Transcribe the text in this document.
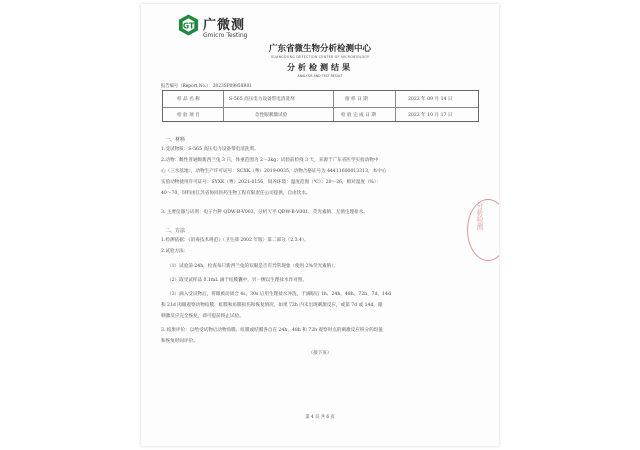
GT 广微测
Gmicro Testing
广东省微生物分析检测中心
GUANGDONG DETECTION CENTER OF MICROBIOLOGY
分析检测结果
ANALYSIS AND TEST RESULT
报告编号（Report No.）：2023SP09858R01
样 品 名 称	S-565 高压电力设备带电清洗剂	接 样 日 期	2023 年 09 月 14 日
检 验 项 目	急性眼刺激试验	检 验 完 成 日 期	2023 年 10 月 17 日
一、材料
1.受试物质：S-565 高压电力设备带电清洗剂。
2.动物：雌性普通级新西兰兔 3 只，体重范围为 2～3kg；试验前检疫 3 天，来源于广东省医学实验动物中
心（三水基地），动物生产许可证号：SCXK（粤）2019-0035，动物合格证号为 44411600013313，本中心
实验动物使用许可证号：SYXK（粤）2021-0156，饲养环境：温度范围（℃）：20～26，相对湿度（%）：
40～70，饲料由江苏省协同医药生物工程有限责任公司提供，自由饮水。
3. 主要仪器与试剂：电子台秤 QDW-B-V003、分析天平 QDW-B-V001、荧光素钠、无菌生理盐水。
二、方法
1.检测依据：《消毒技术规范》（卫生部 2002 年版）第二部分（2.3.4）。
2.试验方法：
（1）试验前 24h，检查每只新西兰兔的双眼是否有异常现象（使用 2%荧光素钠）。
（2）取受试样品 0.1mL 滴于结膜囊中，另一侧以生理盐水作对照。
（3）滴入受试物后，将眼被动闭合 4s，30s 后用生理盐水冲洗，于滴眼后 1h、24h、48h、72h、7d、14d
和 21d 肉眼观察动物结膜、虹膜和角膜损伤和恢复情况，如果 72h 内未出现刺激反应，或第 7d 或 14d，眼
刺激反应完全恢复，即可提前终止试验。
3. 结果评价：以给受试物后动物角膜、虹膜或结膜各自在 24h、48h 和 72h 观察时点的刺激反应积分的均值
和恢复时间评价。
（接下页）
第 4 页 共 6 页
分析检测
